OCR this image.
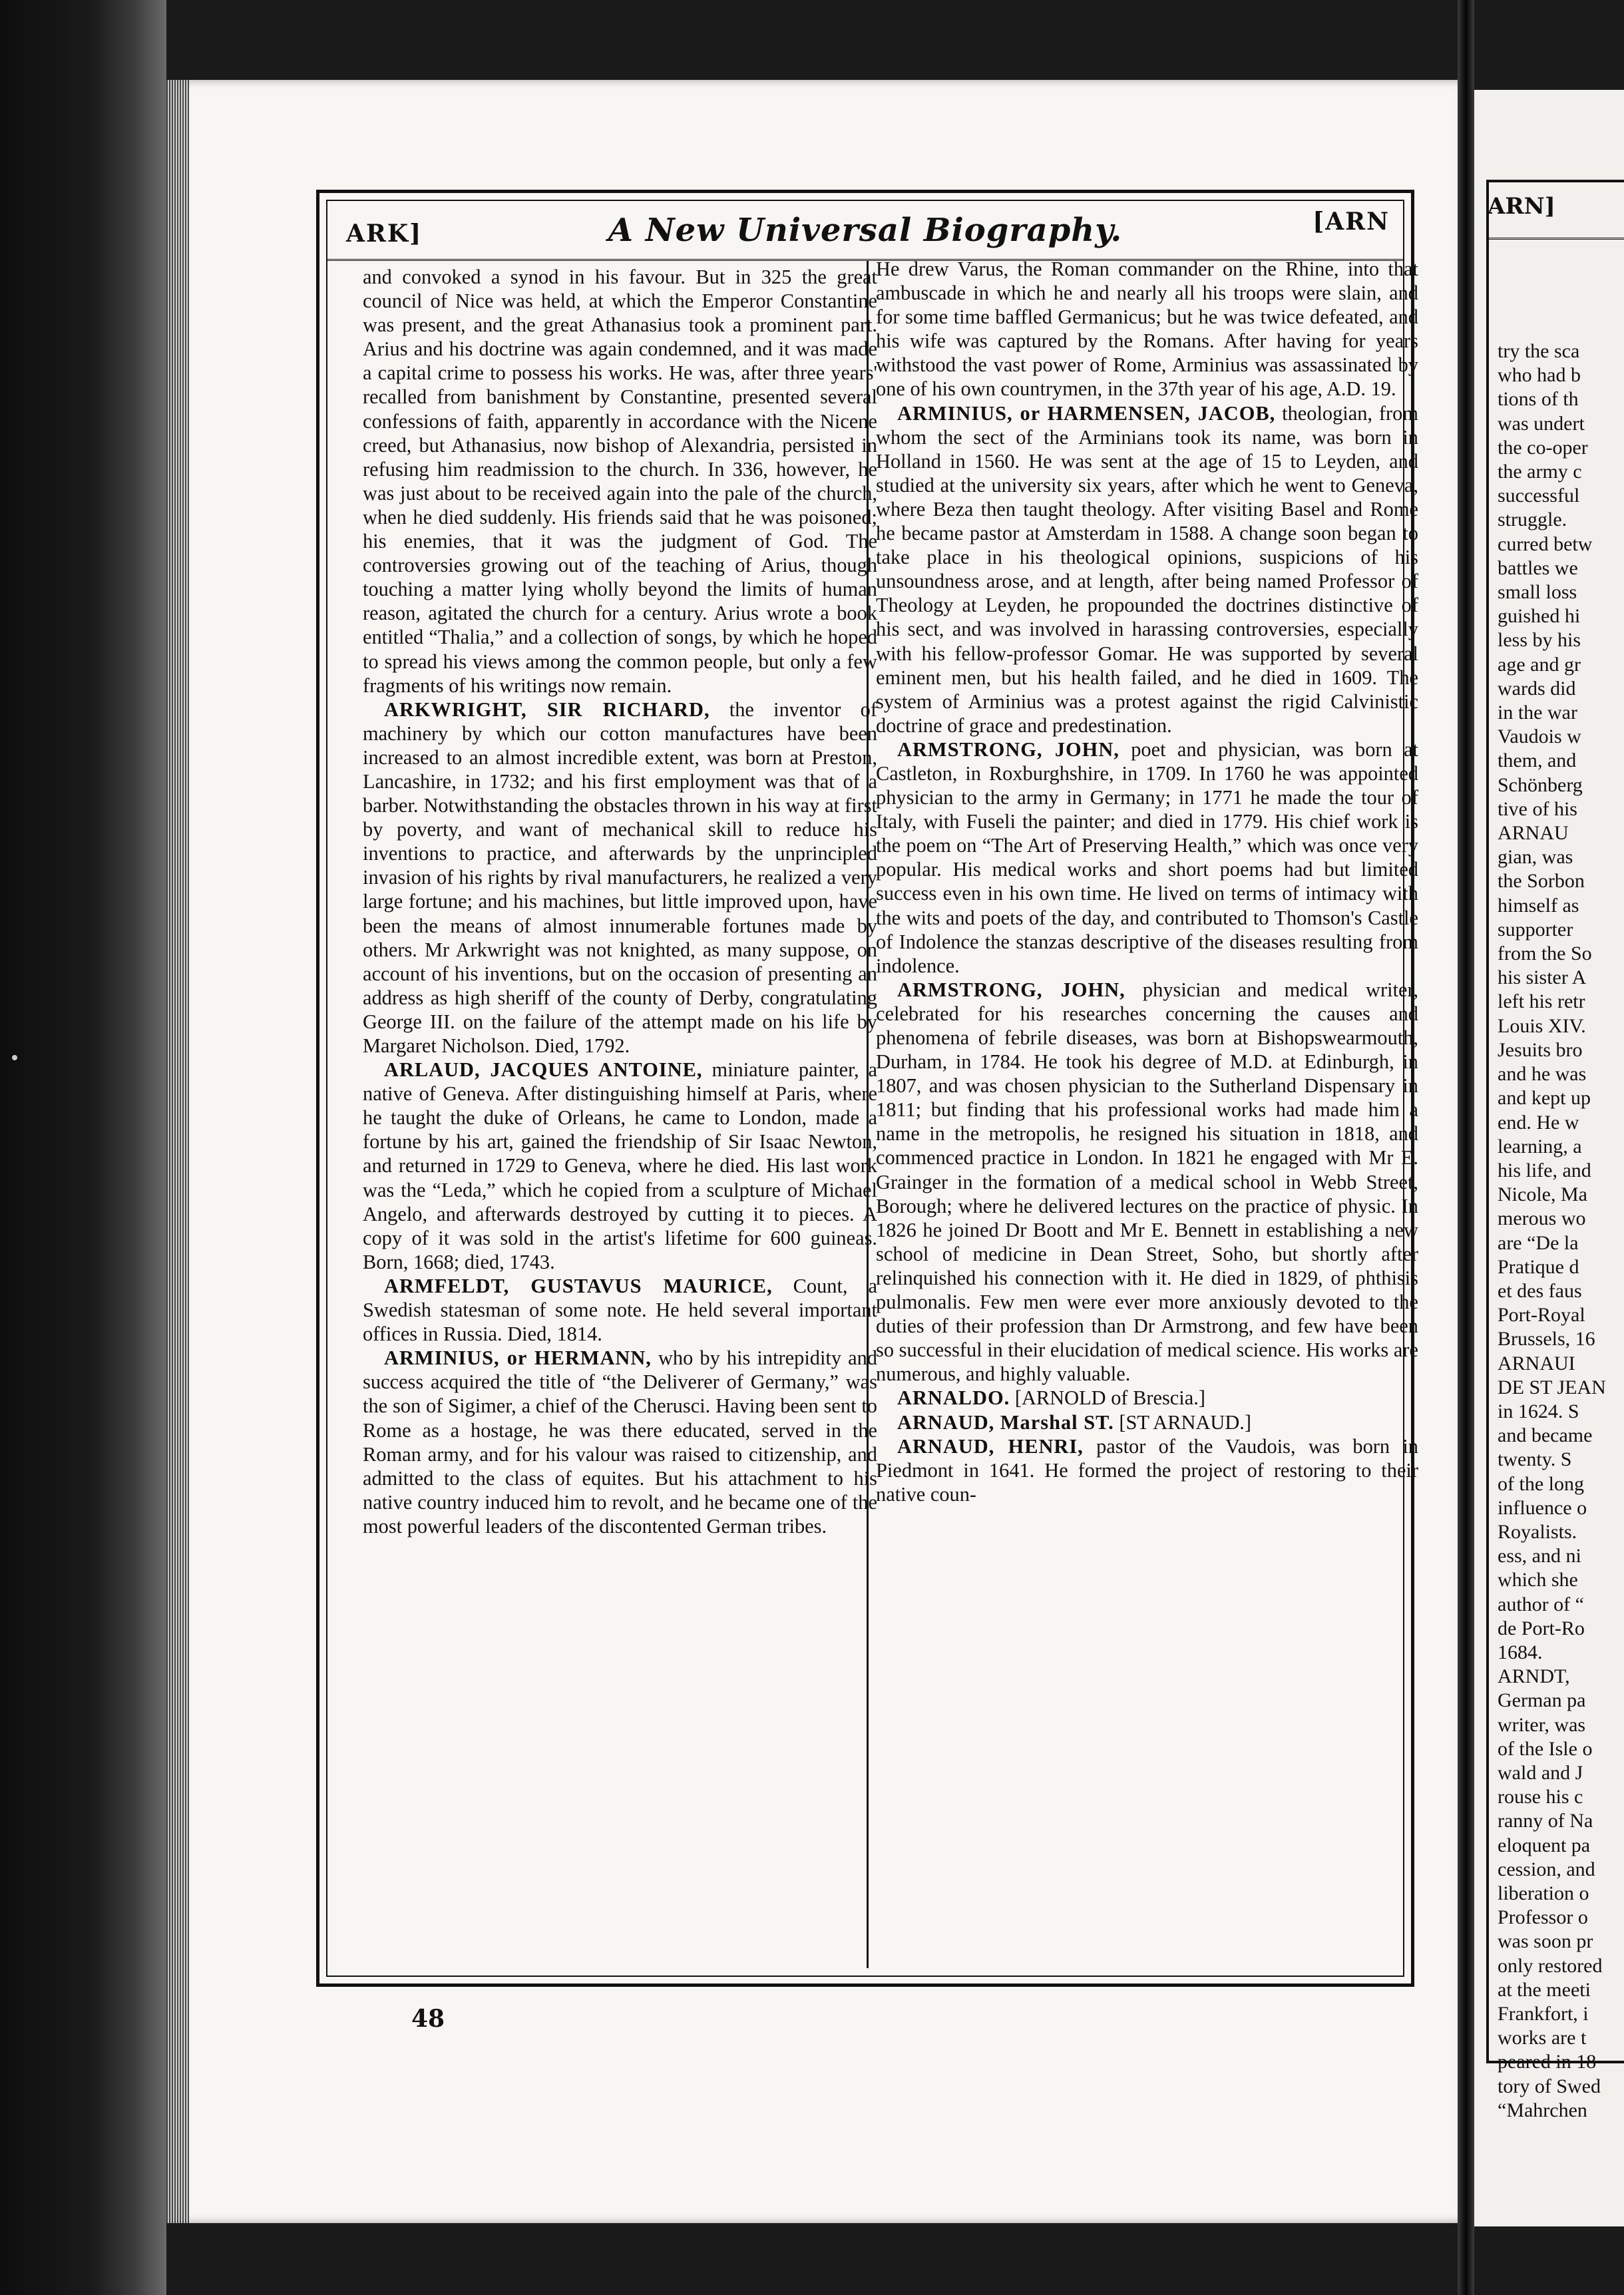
ARN]
try the sca
who had b
tions of th
was undert
the co-oper
the army c
successful
struggle.
curred betw
battles we
small loss
guished hi
less by his
age and gr
wards did
in the war
Vaudois w
them, and
Schönberg
tive of his
ARNAU
gian, was
the Sorbon
himself as
supporter
from the So
his sister A
left his retr
Louis XIV.
Jesuits bro
and he was
and kept up
end. He w
learning, a
his life, and
Nicole, Ma
merous wo
are “De la
Pratique d
et des faus
Port-Royal
Brussels, 16
ARNAUI
DE ST JEAN
in 1624. S
and became
twenty. S
of the long
influence o
Royalists.
ess, and ni
which she
author of “
de Port-Ro
1684.
ARNDT,
German pa
writer, was
of the Isle o
wald and J
rouse his c
ranny of Na
eloquent pa
cession, and
liberation o
Professor o
was soon pr
only restored
at the meeti
Frankfort, i
works are t
peared in 18
tory of Swed
“Mahrchen
ARK]	A New Universal Biography.	[ARN

and convoked a synod in his favour. But in 325 the great council of Nice was held, at which the Emperor Constantine was present, and the great Athanasius took a prominent part. Arius and his doctrine was again condemned, and it was made a capital crime to possess his works. He was, after three years' recalled from banishment by Constantine, presented several confessions of faith, apparently in accordance with the Nicene creed, but Athanasius, now bishop of Alexandria, persisted in refusing him readmission to the church. In 336, however, he was just about to be received again into the pale of the church, when he died suddenly. His friends said that he was poisoned; his enemies, that it was the judgment of God. The controversies growing out of the teaching of Arius, though touching a matter lying wholly beyond the limits of human reason, agitated the church for a century. Arius wrote a book entitled “Thalia,” and a collection of songs, by which he hoped to spread his views among the common people, but only a few fragments of his writings now remain.

ARKWRIGHT, SIR RICHARD, the inventor of machinery by which our cotton manufactures have been increased to an almost incredible extent, was born at Preston, Lancashire, in 1732; and his first employment was that of a barber. Notwithstanding the obstacles thrown in his way at first by poverty, and want of mechanical skill to reduce his inventions to practice, and afterwards by the unprincipled invasion of his rights by rival manufacturers, he realized a very large fortune; and his machines, but little improved upon, have been the means of almost innumerable fortunes made by others. Mr Arkwright was not knighted, as many suppose, on account of his inventions, but on the occasion of presenting an address as high sheriff of the county of Derby, congratulating George III. on the failure of the attempt made on his life by Margaret Nicholson. Died, 1792.

ARLAUD, JACQUES ANTOINE, miniature painter, a native of Geneva. After distinguishing himself at Paris, where he taught the duke of Orleans, he came to London, made a fortune by his art, gained the friendship of Sir Isaac Newton, and returned in 1729 to Geneva, where he died. His last work was the “Leda,” which he copied from a sculpture of Michael Angelo, and afterwards destroyed by cutting it to pieces. A copy of it was sold in the artist's lifetime for 600 guineas. Born, 1668; died, 1743.

ARMFELDT, GUSTAVUS MAURICE, Count, a Swedish statesman of some note. He held several important offices in Russia. Died, 1814.

ARMINIUS, or HERMANN, who by his intrepidity and success acquired the title of “the Deliverer of Germany,” was the son of Sigimer, a chief of the Cherusci. Having been sent to Rome as a hostage, he was there educated, served in the Roman army, and for his valour was raised to citizenship, and admitted to the class of equites. But his attachment to his native country induced him to revolt, and he became one of the most powerful leaders of the discontented German tribes.

He drew Varus, the Roman commander on the Rhine, into that ambuscade in which he and nearly all his troops were slain, and for some time baffled Germanicus; but he was twice defeated, and his wife was captured by the Romans. After having for years withstood the vast power of Rome, Arminius was assassinated by one of his own countrymen, in the 37th year of his age, A.D. 19.

ARMINIUS, or HARMENSEN, JACOB, theologian, from whom the sect of the Arminians took its name, was born in Holland in 1560. He was sent at the age of 15 to Leyden, and studied at the university six years, after which he went to Geneva, where Beza then taught theology. After visiting Basel and Rome he became pastor at Amsterdam in 1588. A change soon began to take place in his theological opinions, suspicions of his unsoundness arose, and at length, after being named Professor of Theology at Leyden, he propounded the doctrines distinctive of his sect, and was involved in harassing controversies, especially with his fellow-professor Gomar. He was supported by several eminent men, but his health failed, and he died in 1609. The system of Arminius was a protest against the rigid Calvinistic doctrine of grace and predestination.

ARMSTRONG, JOHN, poet and physician, was born at Castleton, in Roxburghshire, in 1709. In 1760 he was appointed physician to the army in Germany; in 1771 he made the tour of Italy, with Fuseli the painter; and died in 1779. His chief work is the poem on “The Art of Preserving Health,” which was once very popular. His medical works and short poems had but limited success even in his own time. He lived on terms of intimacy with the wits and poets of the day, and contributed to Thomson's Castle of Indolence the stanzas descriptive of the diseases resulting from indolence.

ARMSTRONG, JOHN, physician and medical writer, celebrated for his researches concerning the causes and phenomena of febrile diseases, was born at Bishopswearmouth, Durham, in 1784. He took his degree of M.D. at Edinburgh, in 1807, and was chosen physician to the Sutherland Dispensary in 1811; but finding that his professional works had made him a name in the metropolis, he resigned his situation in 1818, and commenced practice in London. In 1821 he engaged with Mr E. Grainger in the formation of a medical school in Webb Street, Borough; where he delivered lectures on the practice of physic. In 1826 he joined Dr Boott and Mr E. Bennett in establishing a new school of medicine in Dean Street, Soho, but shortly after relinquished his connection with it. He died in 1829, of phthisis pulmonalis. Few men were ever more anxiously devoted to the duties of their profession than Dr Armstrong, and few have been so successful in their elucidation of medical science. His works are numerous, and highly valuable.

ARNALDO. [ARNOLD of Brescia.]

ARNAUD, Marshal ST. [ST ARNAUD.]

ARNAUD, HENRI, pastor of the Vaudois, was born in Piedmont in 1641. He formed the project of restoring to their native coun-

48
